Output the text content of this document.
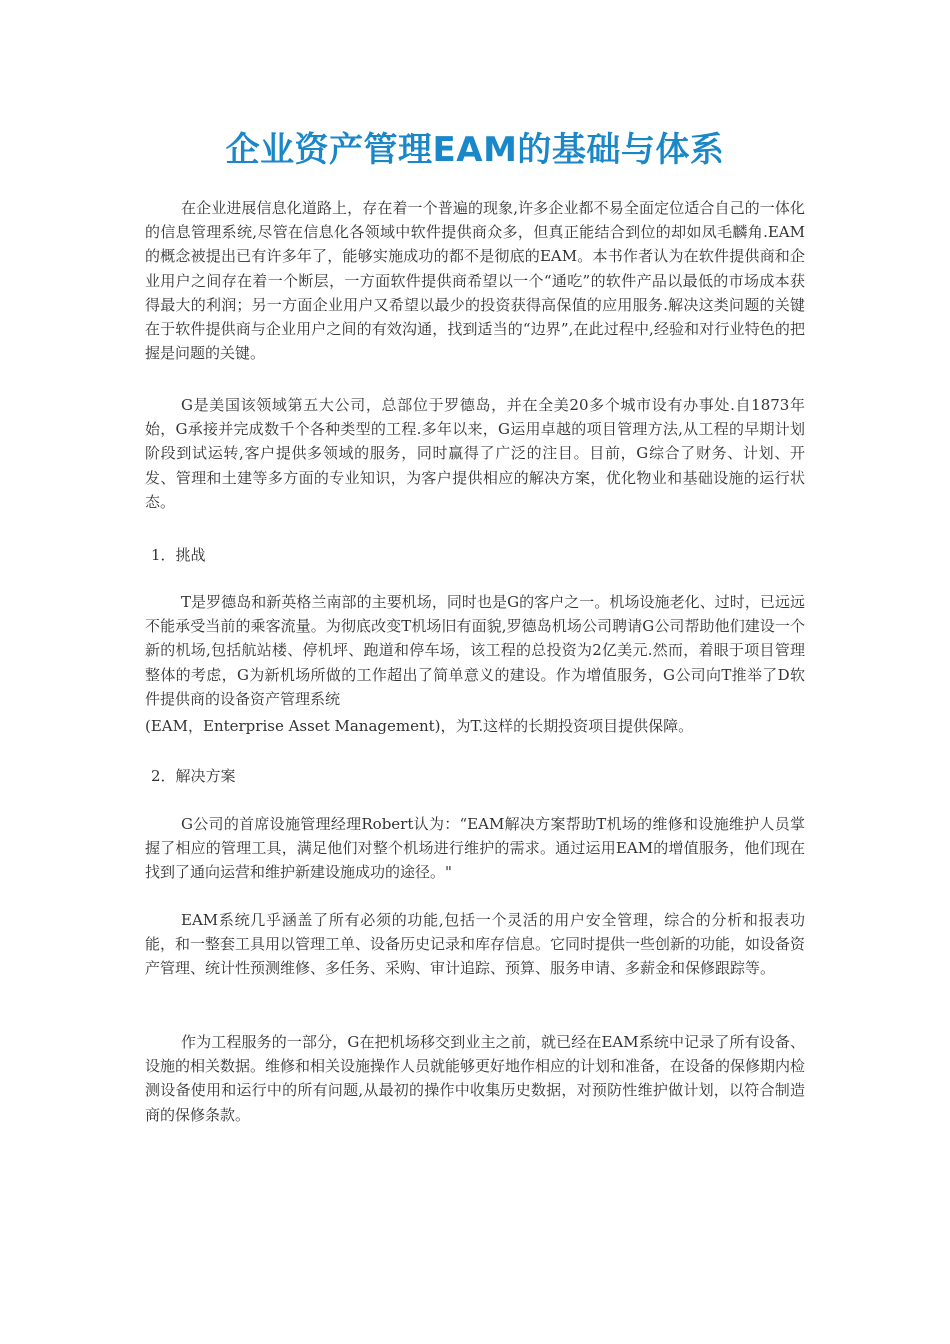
企业资产管理EAM的基础与体系

在企业进展信息化道路上，存在着一个普遍的现象,许多企业都不易全面定位适合自己的一体化的信息管理系统,尽管在信息化各领域中软件提供商众多，但真正能结合到位的却如凤毛麟角.EAM的概念被提出已有许多年了，能够实施成功的都不是彻底的EAM。本书作者认为在软件提供商和企业用户之间存在着一个断层，一方面软件提供商希望以一个“通吃”的软件产品以最低的市场成本获得最大的利润；另一方面企业用户又希望以最少的投资获得高保值的应用服务.解决这类问题的关键在于软件提供商与企业用户之间的有效沟通，找到适当的“边界”,在此过程中,经验和对行业特色的把握是问题的关键。

G是美国该领域第五大公司，总部位于罗德岛，并在全美20多个城市设有办事处.自1873年始，G承接并完成数千个各种类型的工程.多年以来，G运用卓越的项目管理方法,从工程的早期计划阶段到试运转,客户提供多领域的服务，同时赢得了广泛的注目。目前，G综合了财务、计划、开发、管理和土建等多方面的专业知识，为客户提供相应的解决方案，优化物业和基础设施的运行状态。

1．挑战

T是罗德岛和新英格兰南部的主要机场，同时也是G的客户之一。机场设施老化、过时，已远远不能承受当前的乘客流量。为彻底改变T机场旧有面貌,罗德岛机场公司聘请G公司帮助他们建设一个新的机场,包括航站楼、停机坪、跑道和停车场，该工程的总投资为2亿美元.然而，着眼于项目管理整体的考虑，G为新机场所做的工作超出了简单意义的建设。作为增值服务，G公司向T推举了D软件提供商的设备资产管理系统

(EAM，Enterprise Asset Management)，为T.这样的长期投资项目提供保障。

2．解决方案

G公司的首席设施管理经理Robert认为：“EAM解决方案帮助T机场的维修和设施维护人员掌握了相应的管理工具，满足他们对整个机场进行维护的需求。通过运用EAM的增值服务，他们现在找到了通向运营和维护新建设施成功的途径。"

EAM系统几乎涵盖了所有必须的功能,包括一个灵活的用户安全管理，综合的分析和报表功能，和一整套工具用以管理工单、设备历史记录和库存信息。它同时提供一些创新的功能，如设备资产管理、统计性预测维修、多任务、采购、审计追踪、预算、服务申请、多薪金和保修跟踪等。

作为工程服务的一部分，G在把机场移交到业主之前，就已经在EAM系统中记录了所有设备、设施的相关数据。维修和相关设施操作人员就能够更好地作相应的计划和准备，在设备的保修期内检测设备使用和运行中的所有问题,从最初的操作中收集历史数据，对预防性维护做计划，以符合制造商的保修条款。
